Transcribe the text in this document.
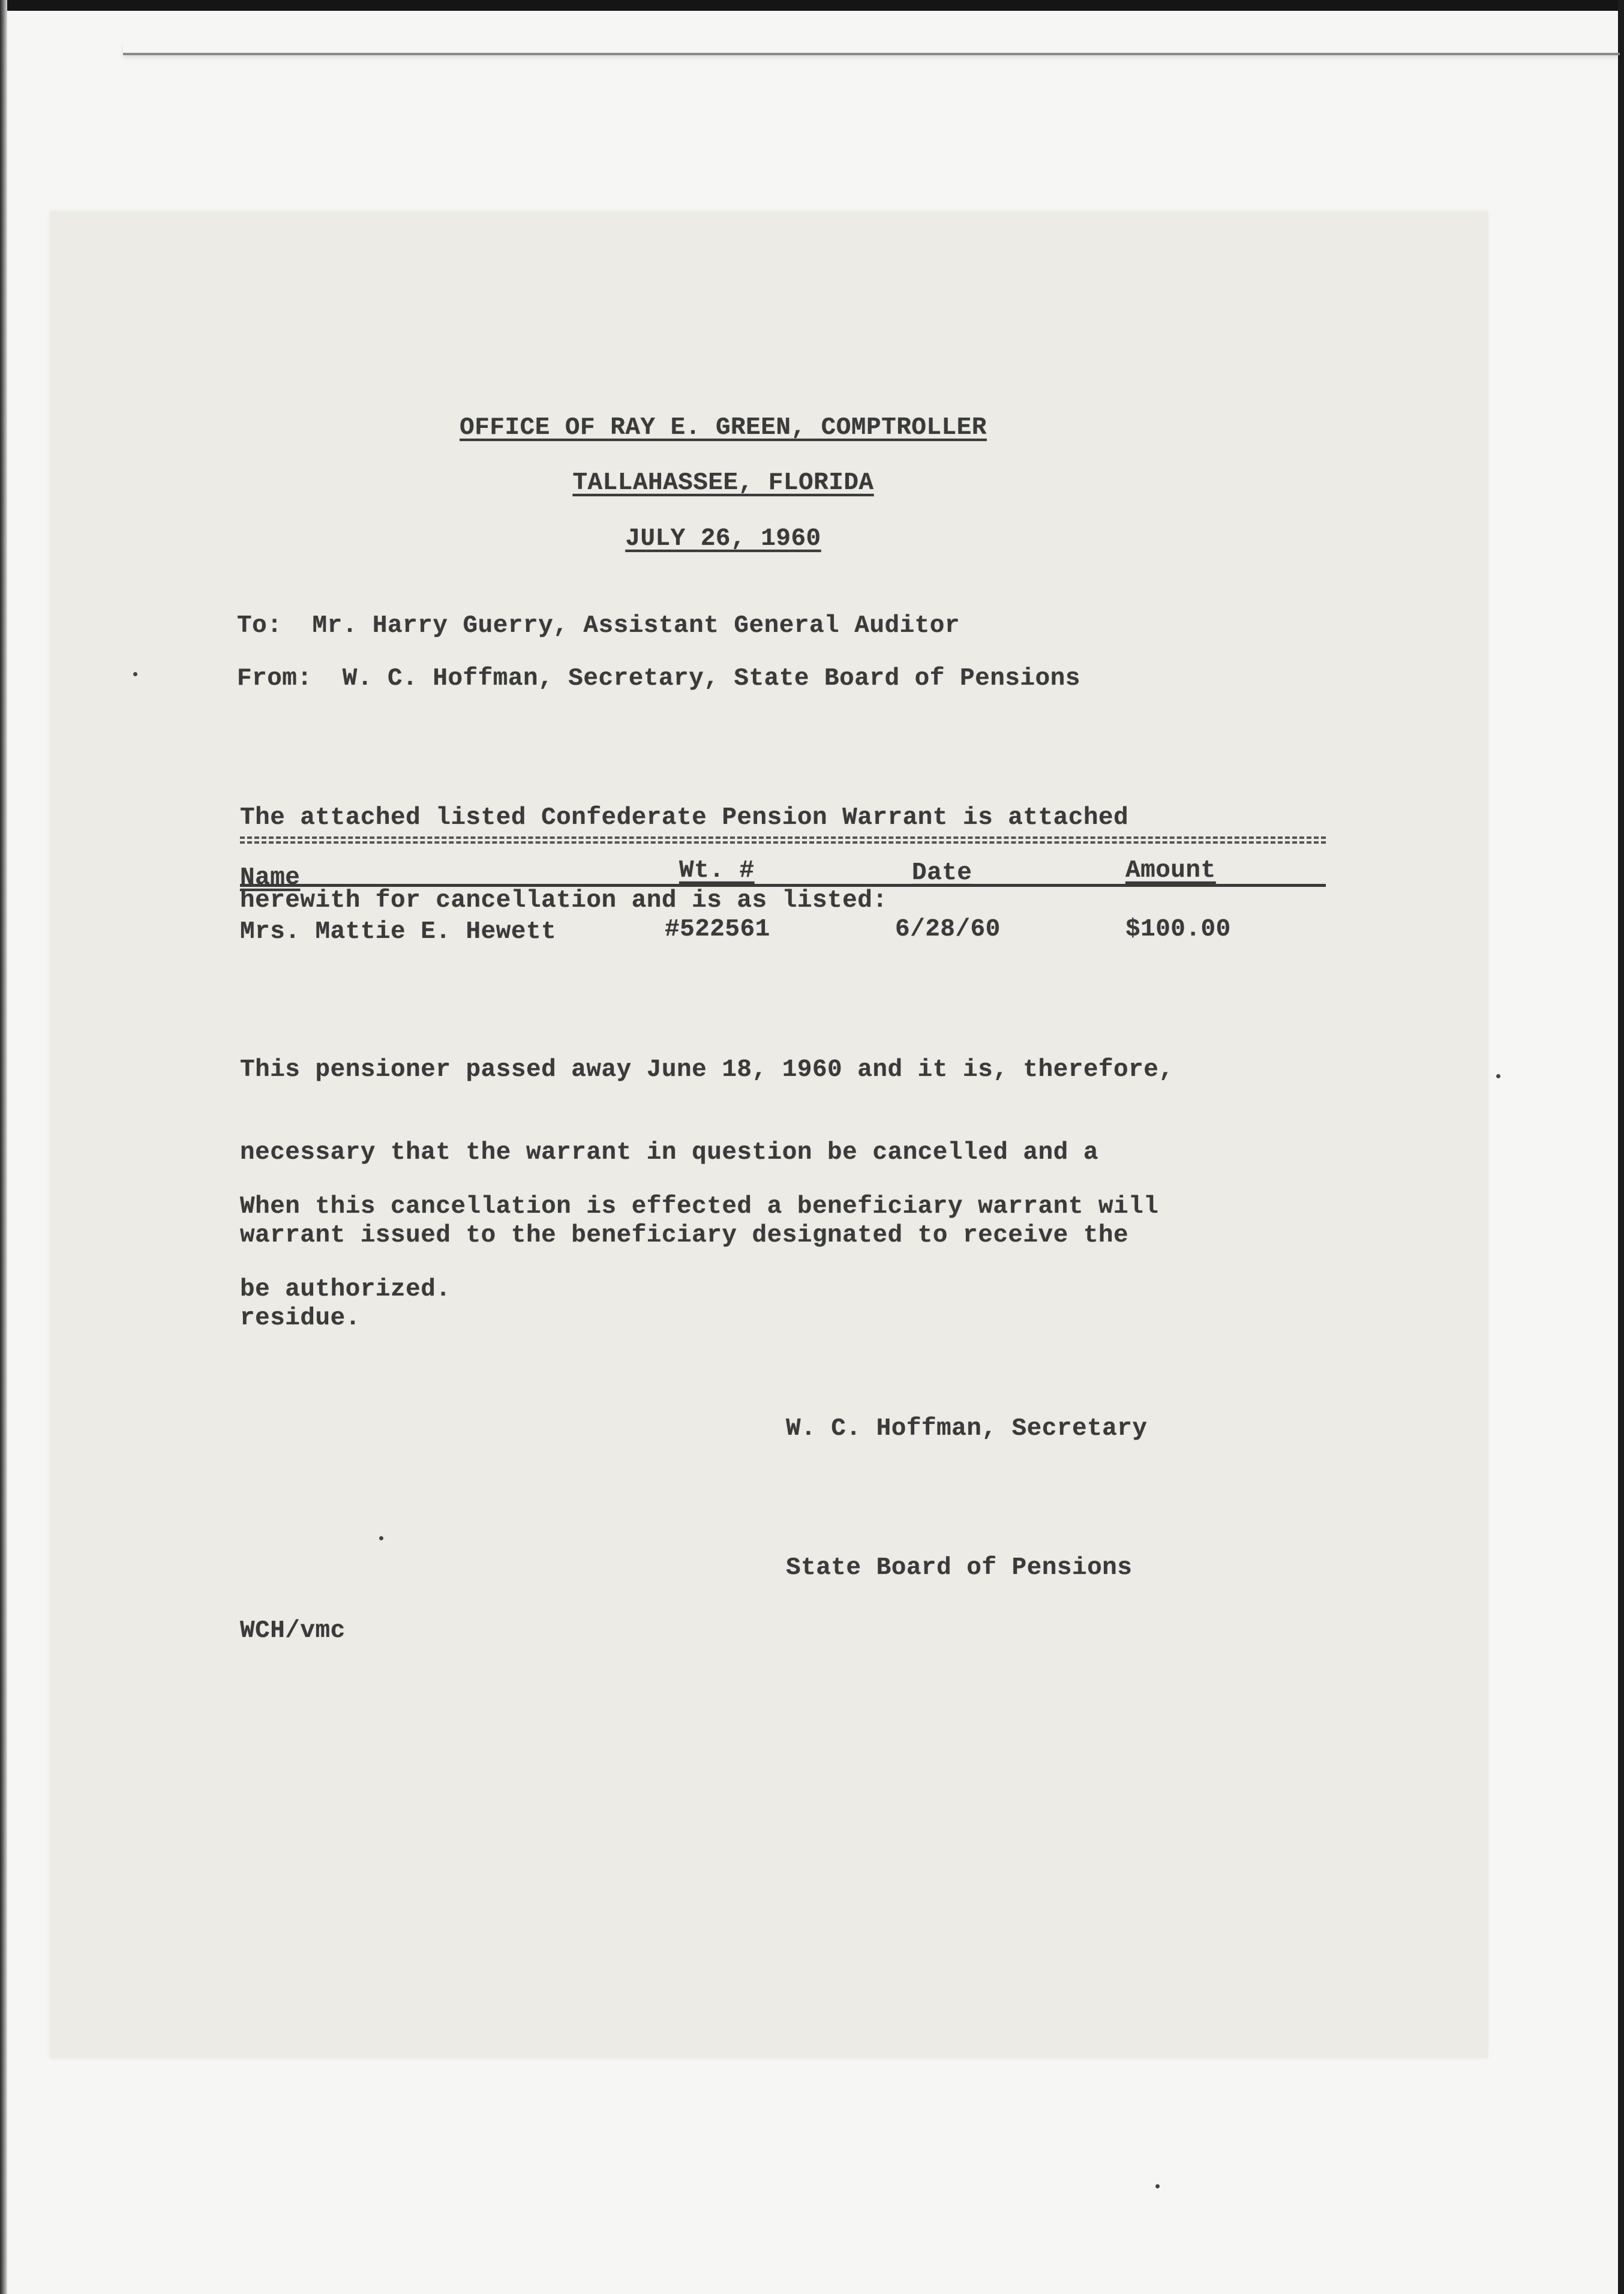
OFFICE OF RAY E. GREEN, COMPTROLLER
TALLAHASSEE, FLORIDA
JULY 26, 1960
To:  Mr. Harry Guerry, Assistant General Auditor
From:  W. C. Hoffman, Secretary, State Board of Pensions

The attached listed Confederate Pension Warrant is attached

herewith for cancellation and is as listed:

Name	Wt. #	Date	Amount
Mrs. Mattie E. Hewett	#522561	6/28/60	$100.00

This pensioner passed away June 18, 1960 and it is, therefore,

necessary that the warrant in question be cancelled and a

warrant issued to the beneficiary designated to receive the

residue.

When this cancellation is effected a beneficiary warrant will

be authorized.

W. C. Hoffman, Secretary
State Board of Pensions
WCH/vmc
